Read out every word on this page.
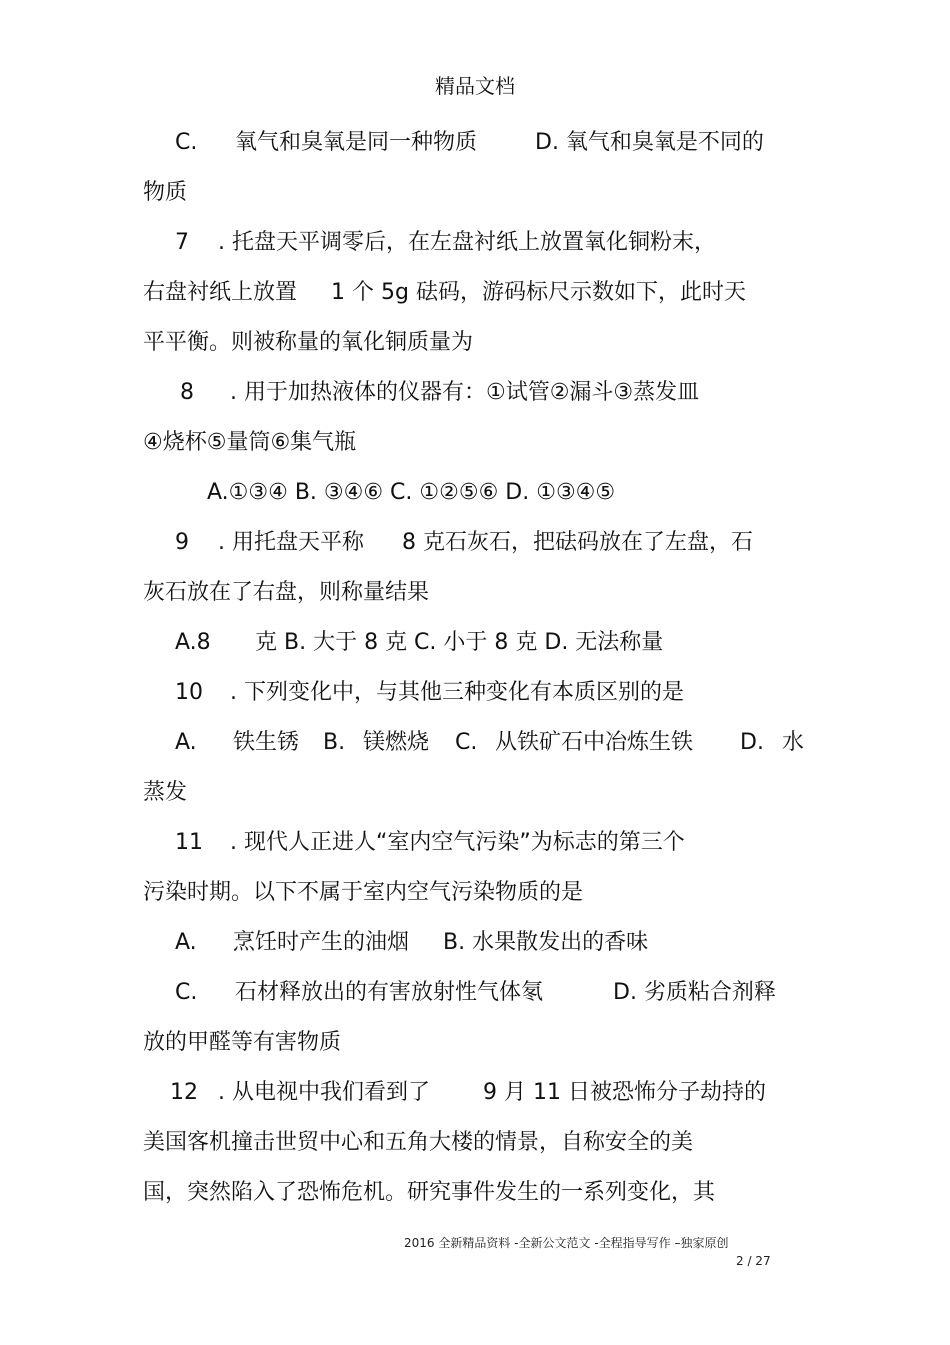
精品文档
C. 氧气和臭氧是同一种物质	D. 氧气和臭氧是不同的
物质
7 . 托盘天平调零后，在左盘衬纸上放置氧化铜粉末，
右盘衬纸上放置 1 个 5g 砝码，游码标尺示数如下，此时天
平平衡。则被称量的氧化铜质量为
8 . 用于加热液体的仪器有：①试管②漏斗③蒸发皿
④烧杯⑤量筒⑥集气瓶
A.①③④ B. ③④⑥ C. ①②⑤⑥ D. ①③④⑤
9 . 用托盘天平称 8 克石灰石，把砝码放在了左盘，石
灰石放在了右盘，则称量结果
A.8 克 B. 大于 8 克 C. 小于 8 克 D. 无法称量
10 . 下列变化中，与其他三种变化有本质区别的是
A. 铁生锈 B. 镁燃烧 C. 从铁矿石中冶炼生铁 D. 水
蒸发
11 . 现代人正进人“室内空气污染”为标志的第三个
污染时期。以下不属于室内空气污染物质的是
A. 烹饪时产生的油烟 B. 水果散发出的香味
C. 石材释放出的有害放射性气体氡	D. 劣质粘合剂释
放的甲醛等有害物质
12 . 从电视中我们看到了 9 月 11 日被恐怖分子劫持的
美国客机撞击世贸中心和五角大楼的情景，自称安全的美
国，突然陷入了恐怖危机。研究事件发生的一系列变化，其
2016 全新精品资料 -全新公文范文 -全程指导写作 –独家原创
2 / 27
